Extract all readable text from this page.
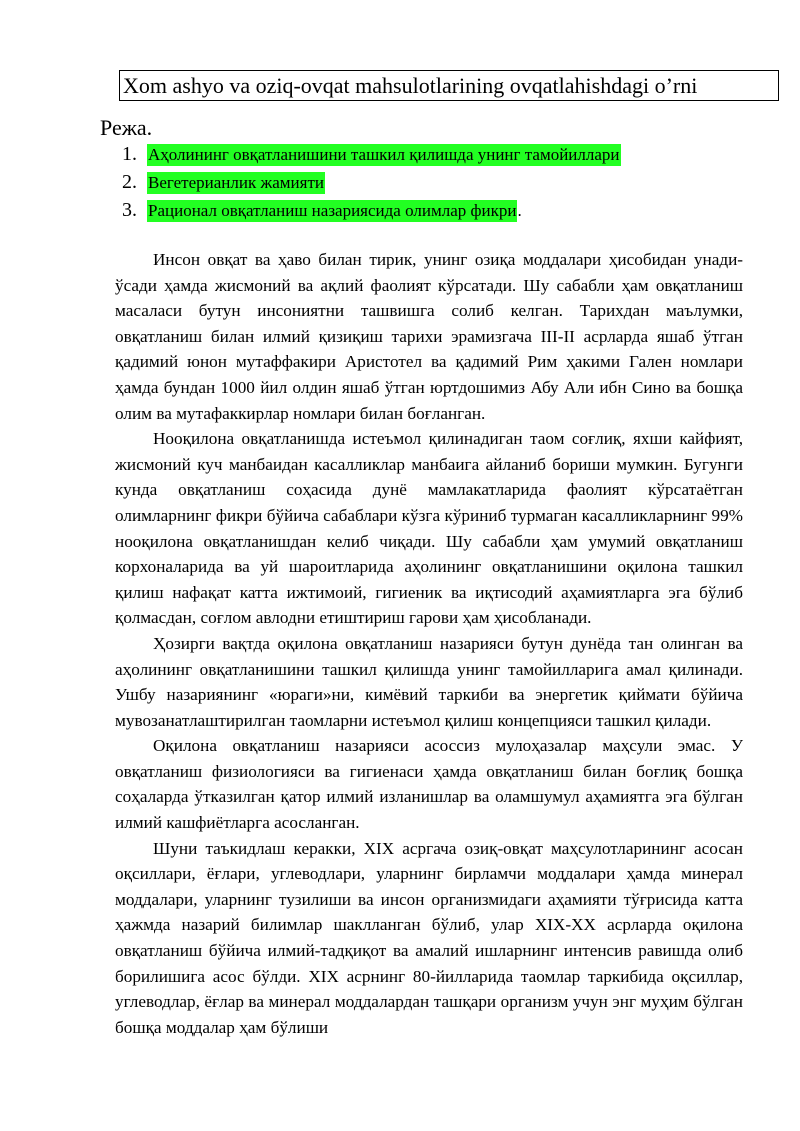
Xom ashyo va oziq-ovqat mahsulotlarining ovqatlahishdagi o’rni
Режа.
1. Аҳолининг овқатланишини ташкил қилишда унинг тамойиллари
2. Вегетерианлик жамияти
3. Рационал овқатланиш назариясида олимлар фикри .

Инсон овқат ва ҳаво билан тирик, унинг озиқа моддалари ҳисобидан унади-ўсади ҳамда жисмоний ва ақлий фаолият кўрсатади. Шу сабабли ҳам овқатланиш масаласи бутун инсониятни ташвишга солиб келган. Тарихдан маълумки, овқатланиш билан илмий қизиқиш тарихи эрамизгача III-II асрларда яшаб ўтган қадимий юнон мутаффакири Аристотел ва қадимий Рим ҳакими Гален номлари ҳамда бундан 1000 йил олдин яшаб ўтган юртдошимиз Абу Али ибн Сино ва бошқа олим ва мутафаккирлар номлари билан боғланган.

Нооқилона овқатланишда истеъмол қилинадиган таом соғлиқ, яхши кайфият, жисмоний куч манбаидан касалликлар манбаига айланиб бориши мумкин. Бугунги кунда овқатланиш соҳасида дунё мамлакатларида фаолият кўрсатаётган олимларнинг фикри бўйича сабаблари кўзга кўриниб турмаган касалликларнинг 99% нооқилона овқатланишдан келиб чиқади. Шу сабабли ҳам умумий овқатланиш корхоналарида ва уй шароитларида аҳолининг овқатланишини оқилона ташкил қилиш нафақат катта ижтимоий, гигиеник ва иқтисодий аҳамиятларга эга бўлиб қолмасдан, соғлом авлодни етиштириш гарови ҳам ҳисобланади.

Ҳозирги вақтда оқилона овқатланиш назарияси бутун дунёда тан олинган ва аҳолининг овқатланишини ташкил қилишда унинг тамойилларига амал қилинади. Ушбу назариянинг «юраги»ни, кимёвий таркиби ва энергетик қиймати бўйича мувозанатлаштирилган таомларни истеъмол қилиш концепцияси ташкил қилади.

Оқилона овқатланиш назарияси асоссиз мулоҳазалар маҳсули эмас. У овқатланиш физиологияси ва гигиенаси ҳамда овқатланиш билан боғлиқ бошқа соҳаларда ўтказилган қатор илмий изланишлар ва оламшумул аҳамиятга эга бўлган илмий кашфиётларга асосланган.

Шуни таъкидлаш керакки, XIX асргача озиқ-овқат маҳсулотларининг асосан оқсиллари, ёғлари, углеводлари, уларнинг бирламчи моддалари ҳамда минерал моддалари, уларнинг тузилиши ва инсон организмидаги аҳамияти тўғрисида катта ҳажмда назарий билимлар шаклланган бўлиб, улар XIX-XX асрларда оқилона овқатланиш бўйича илмий-тадқиқот ва амалий ишларнинг интенсив равишда олиб борилишига асос бўлди. XIX асрнинг 80-йилларида таомлар таркибида оқсиллар, углеводлар, ёғлар ва минерал моддалардан ташқари организм учун энг муҳим бўлган бошқа моддалар ҳам бўлиши
